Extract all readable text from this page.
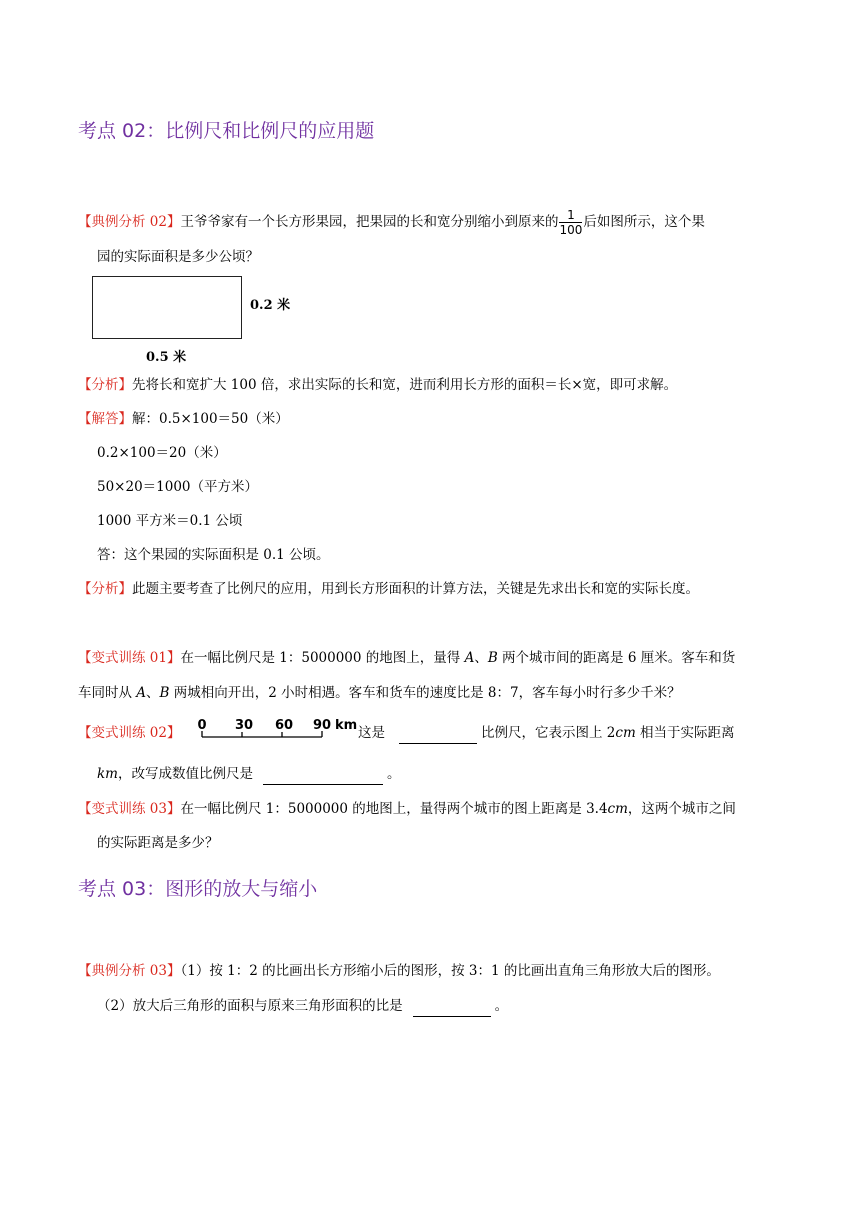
考点 02：比例尺和比例尺的应用题
【典例分析 02】王爷爷家有一个长方形果园，把果园的长和宽分别缩小到原来的 $\frac{1}{100}$ 后如图所示，这个果
园的实际面积是多少公顷？
0.2 米
0.5 米
【分析】先将长和宽扩大 100 倍，求出实际的长和宽，进而利用长方形的面积＝长×宽，即可求解。
【解答】解：0.5×100＝50（米）
0.2×100＝20（米）
50×20＝1000（平方米）
1000 平方米＝0.1 公顷
答：这个果园的实际面积是 0.1 公顷。
【分析】此题主要考查了比例尺的应用，用到长方形面积的计算方法，关键是先求出长和宽的实际长度。
【变式训练 01】在一幅比例尺是 1：5000000 的地图上，量得 A、B 两个城市间的距离是 6 厘米。客车和货
车同时从 A、B 两城相向开出，2 小时相遇。客车和货车的速度比是 8：7，客车每小时行多少千米？
【变式训练 02】 0 30 60 90 km 这是	比例尺，它表示图上 2cm 相当于实际距离
km，改写成数值比例尺是	。
【变式训练 03】在一幅比例尺 1：5000000 的地图上，量得两个城市的图上距离是 3.4cm，这两个城市之间
的实际距离是多少？
考点 03：图形的放大与缩小
【典例分析 03】（1）按 1：2 的比画出长方形缩小后的图形，按 3：1 的比画出直角三角形放大后的图形。
（2）放大后三角形的面积与原来三角形面积的比是	。
